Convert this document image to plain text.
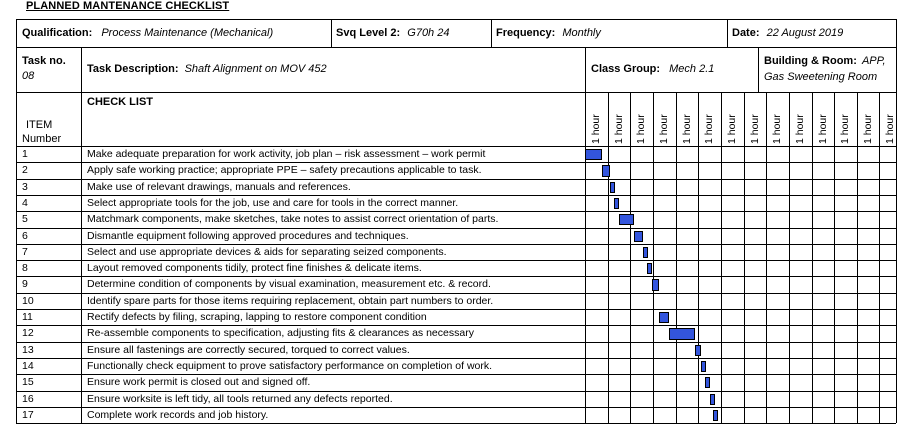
PLANNED MANTENANCE CHECKLIST
Qualification: Process Maintenance (Mechanical)	Svq Level 2: G70h 24	Frequency: Monthly	Date: 22 August 2019
Task no.
08
Task Description: Shaft Alignment on MOV 452	Class Group: Mech 2.1
Building & Room: APP,
Gas Sweetening Room
CHECK LIST
ITEM
Number	1 hour 1 hour 1 hour 1 hour 1 hour 1 hour 1 hour 1 hour 1 hour 1 hour 1 hour 1 hour 1 hour 1 hour
1	Make adequate preparation for work activity, job plan – risk assessment – work permit
2	Apply safe working practice; appropriate PPE – safety precautions applicable to task.
3	Make use of relevant drawings, manuals and references.
4	Select appropriate tools for the job, use and care for tools in the correct manner.
5	Matchmark components, make sketches, take notes to assist correct orientation of parts.
6	Dismantle equipment following approved procedures and techniques.
7	Select and use appropriate devices & aids for separating seized components.
8	Layout removed components tidily, protect fine finishes & delicate items.
9	Determine condition of components by visual examination, measurement etc. & record.
10	Identify spare parts for those items requiring replacement, obtain part numbers to order.
11	Rectify defects by filing, scraping, lapping to restore component condition
12	Re-assemble components to specification, adjusting fits & clearances as necessary
13	Ensure all fastenings are correctly secured, torqued to correct values.
14	Functionally check equipment to prove satisfactory performance on completion of work.
15	Ensure work permit is closed out and signed off.
16	Ensure worksite is left tidy, all tools returned any defects reported.
17	Complete work records and job history.
